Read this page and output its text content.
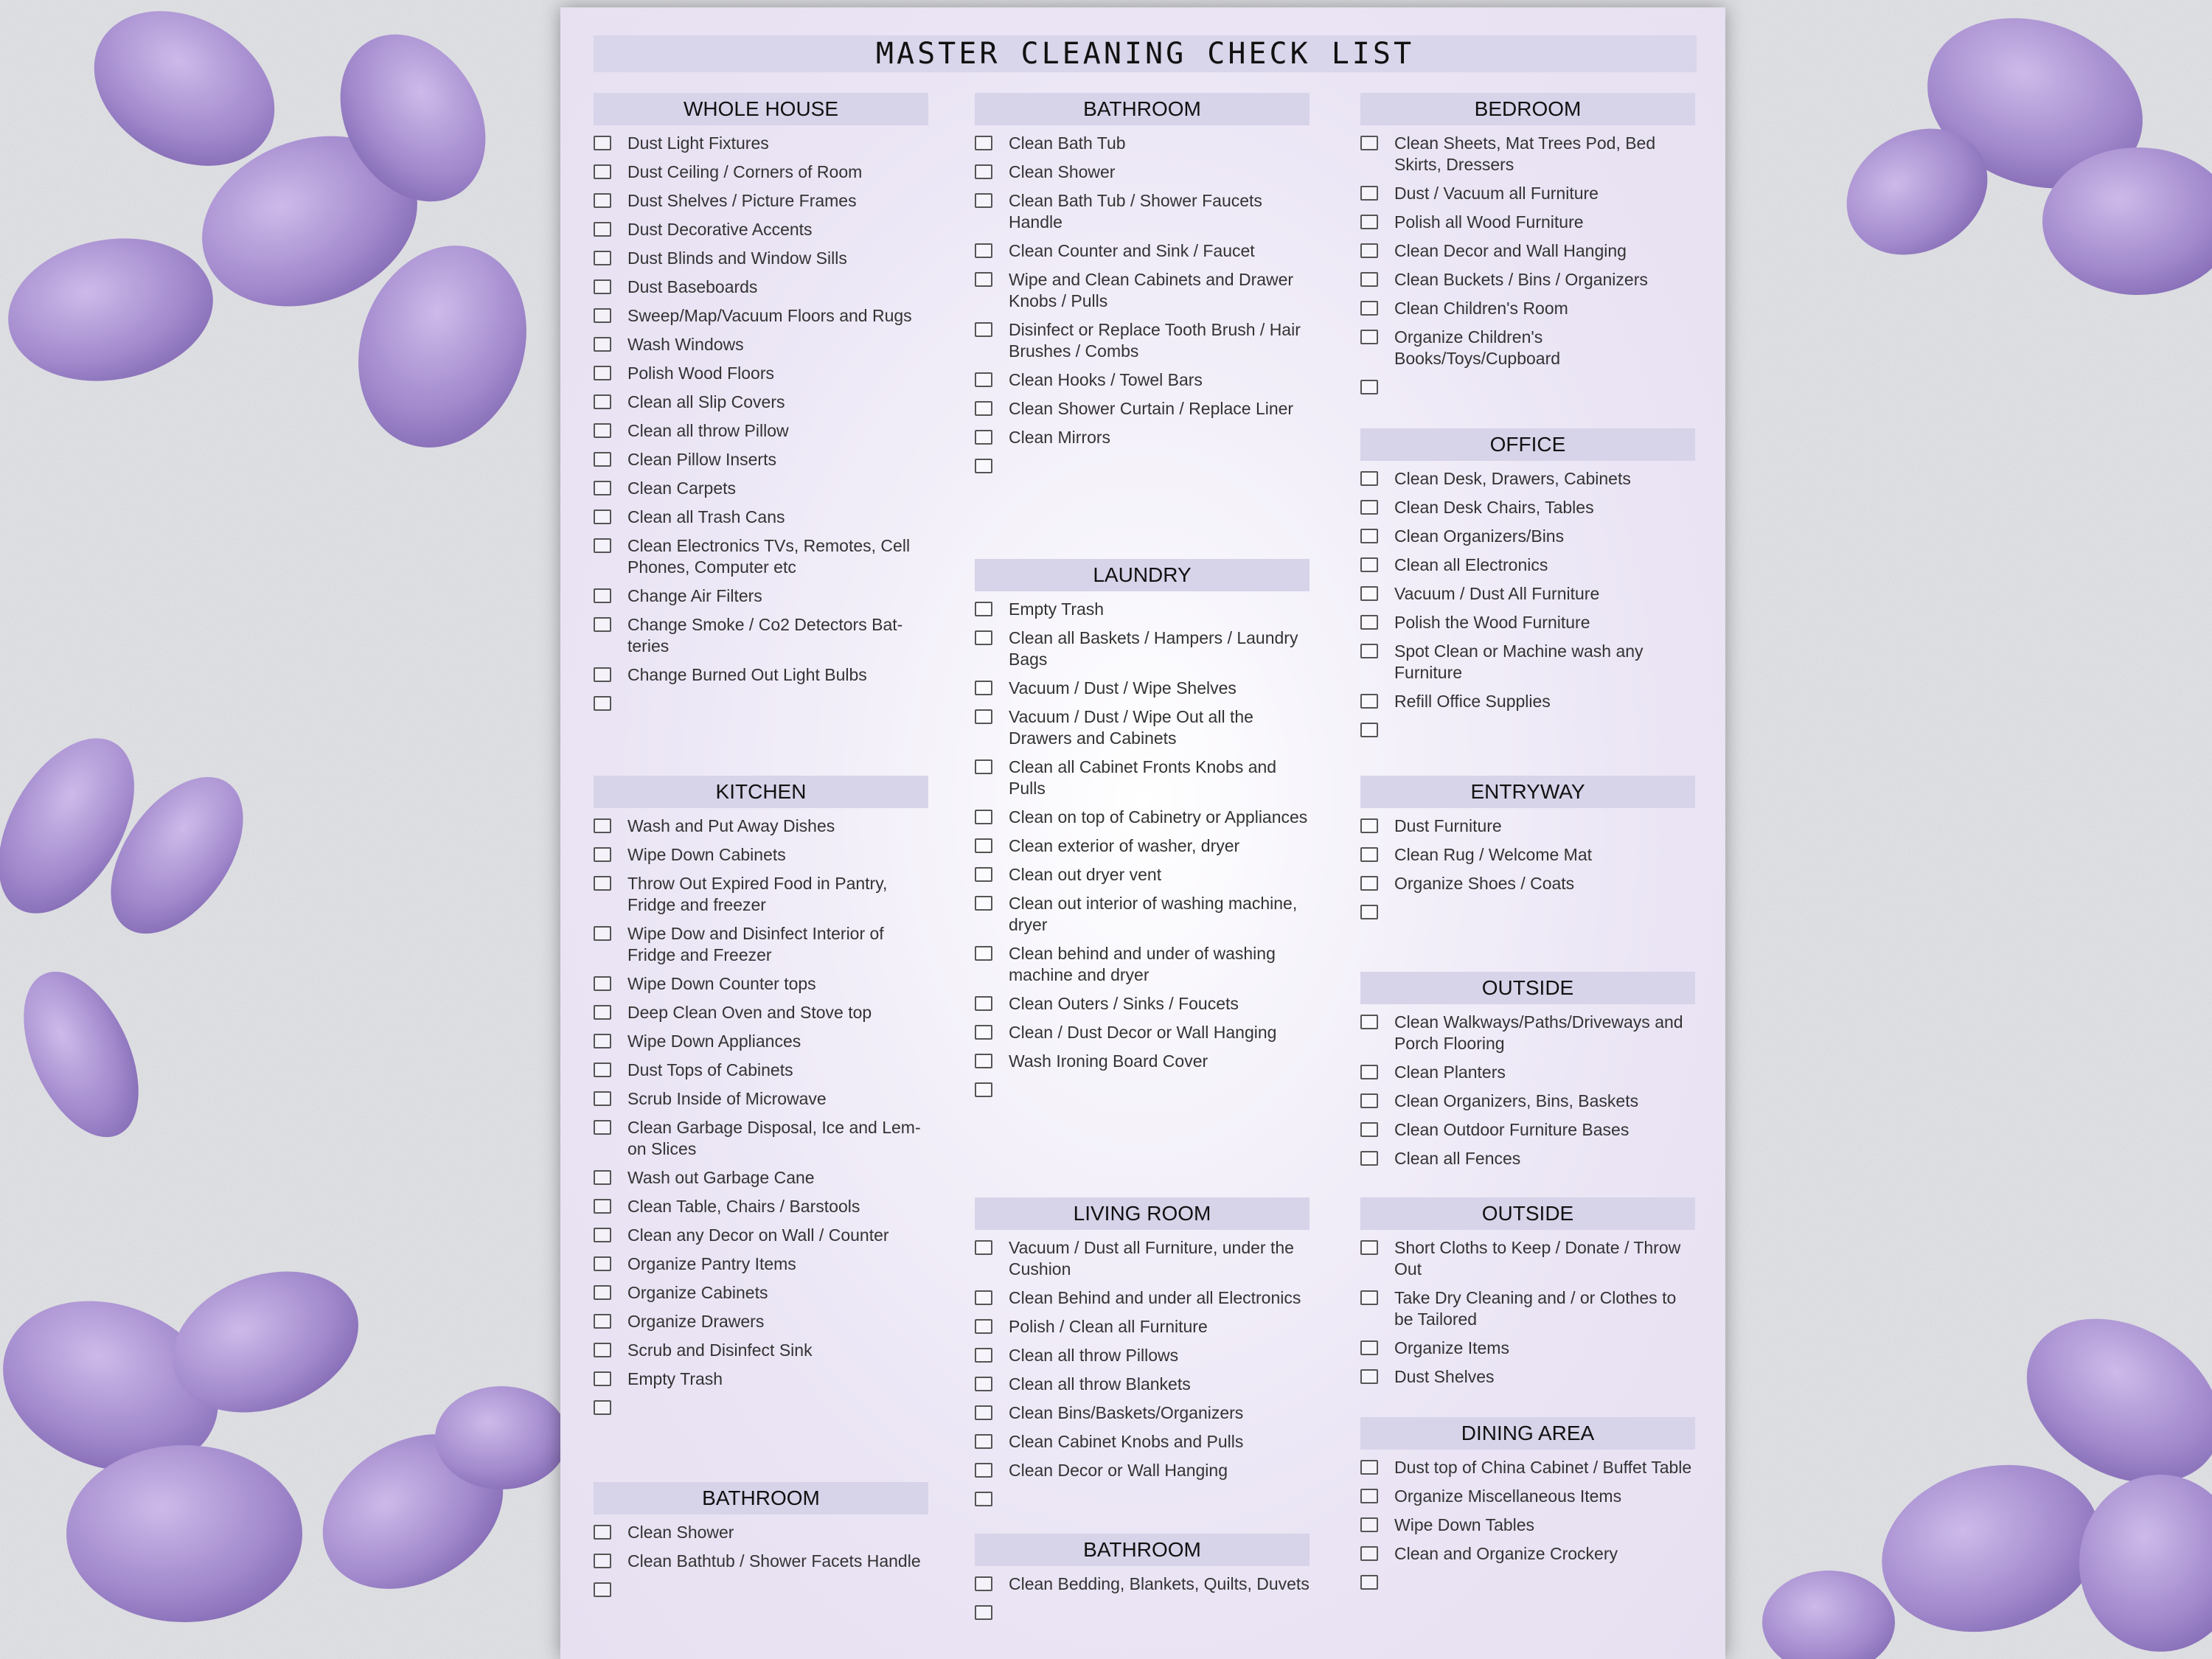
MASTER CLEANING CHECK LIST
WHOLE HOUSE
Dust Light Fixtures
Dust Ceiling / Corners of Room
Dust Shelves / Picture Frames
Dust Decorative Accents
Dust Blinds and Window Sills
Dust Baseboards
Sweep/Map/Vacuum Floors and Rugs
Wash Windows
Polish Wood Floors
Clean all Slip Covers
Clean all throw Pillow
Clean Pillow Inserts
Clean Carpets
Clean all Trash Cans
Clean Electronics TVs, Remotes, Cell Phones, Computer etc
Change Air Filters
Change Smoke / Co2 Detectors Bat-teries
Change Burned Out Light Bulbs
KITCHEN
Wash and Put Away Dishes
Wipe Down Cabinets
Throw Out Expired Food in Pantry, Fridge and freezer
Wipe Dow and Disinfect Interior of Fridge and Freezer
Wipe Down Counter tops
Deep Clean Oven and Stove top
Wipe Down Appliances
Dust Tops of Cabinets
Scrub Inside of Microwave
Clean Garbage Disposal, Ice and Lem-on Slices
Wash out Garbage Cane
Clean Table, Chairs / Barstools
Clean any Decor on Wall / Counter
Organize Pantry Items
Organize Cabinets
Organize Drawers
Scrub and Disinfect Sink
Empty Trash
BATHROOM
Clean Shower
Clean Bathtub / Shower Facets Handle
BATHROOM
Clean Bath Tub
Clean Shower
Clean Bath Tub / Shower Faucets Handle
Clean Counter and Sink / Faucet
Wipe and Clean Cabinets and Drawer Knobs / Pulls
Disinfect or Replace Tooth Brush / Hair Brushes / Combs
Clean Hooks / Towel Bars
Clean Shower Curtain / Replace Liner
Clean Mirrors
LAUNDRY
Empty Trash
Clean all Baskets / Hampers / Laundry Bags
Vacuum / Dust / Wipe Shelves
Vacuum / Dust / Wipe Out all the Drawers and Cabinets
Clean all Cabinet Fronts Knobs and Pulls
Clean on top of Cabinetry or Appliances
Clean exterior of washer, dryer
Clean out dryer vent
Clean out interior of washing machine, dryer
Clean behind and under of washing machine and dryer
Clean Outers / Sinks / Foucets
Clean / Dust Decor or Wall Hanging
Wash Ironing Board Cover
LIVING ROOM
Vacuum / Dust all Furniture, under the Cushion
Clean Behind and under all Electronics
Polish / Clean all Furniture
Clean all throw Pillows
Clean all throw Blankets
Clean Bins/Baskets/Organizers
Clean Cabinet Knobs and Pulls
Clean Decor or Wall Hanging
BATHROOM
Clean Bedding, Blankets, Quilts, Duvets
BEDROOM
Clean Sheets, Mat Trees Pod, Bed Skirts, Dressers
Dust / Vacuum all Furniture
Polish all Wood Furniture
Clean Decor and Wall Hanging
Clean Buckets / Bins / Organizers
Clean Children's Room
Organize Children's Books/Toys/Cupboard
OFFICE
Clean Desk, Drawers, Cabinets
Clean Desk Chairs, Tables
Clean Organizers/Bins
Clean all Electronics
Vacuum / Dust All Furniture
Polish the Wood Furniture
Spot Clean or Machine wash any Furniture
Refill Office Supplies
ENTRYWAY
Dust Furniture
Clean Rug / Welcome Mat
Organize Shoes / Coats
OUTSIDE
Clean Walkways/Paths/Driveways and Porch Flooring
Clean Planters
Clean Organizers, Bins, Baskets
Clean Outdoor Furniture Bases
Clean all Fences
OUTSIDE
Short Cloths to Keep / Donate / Throw Out
Take Dry Cleaning and / or Clothes to be Tailored
Organize Items
Dust Shelves
DINING AREA
Dust top of China Cabinet / Buffet Table
Organize Miscellaneous Items
Wipe Down Tables
Clean and Organize Crockery
